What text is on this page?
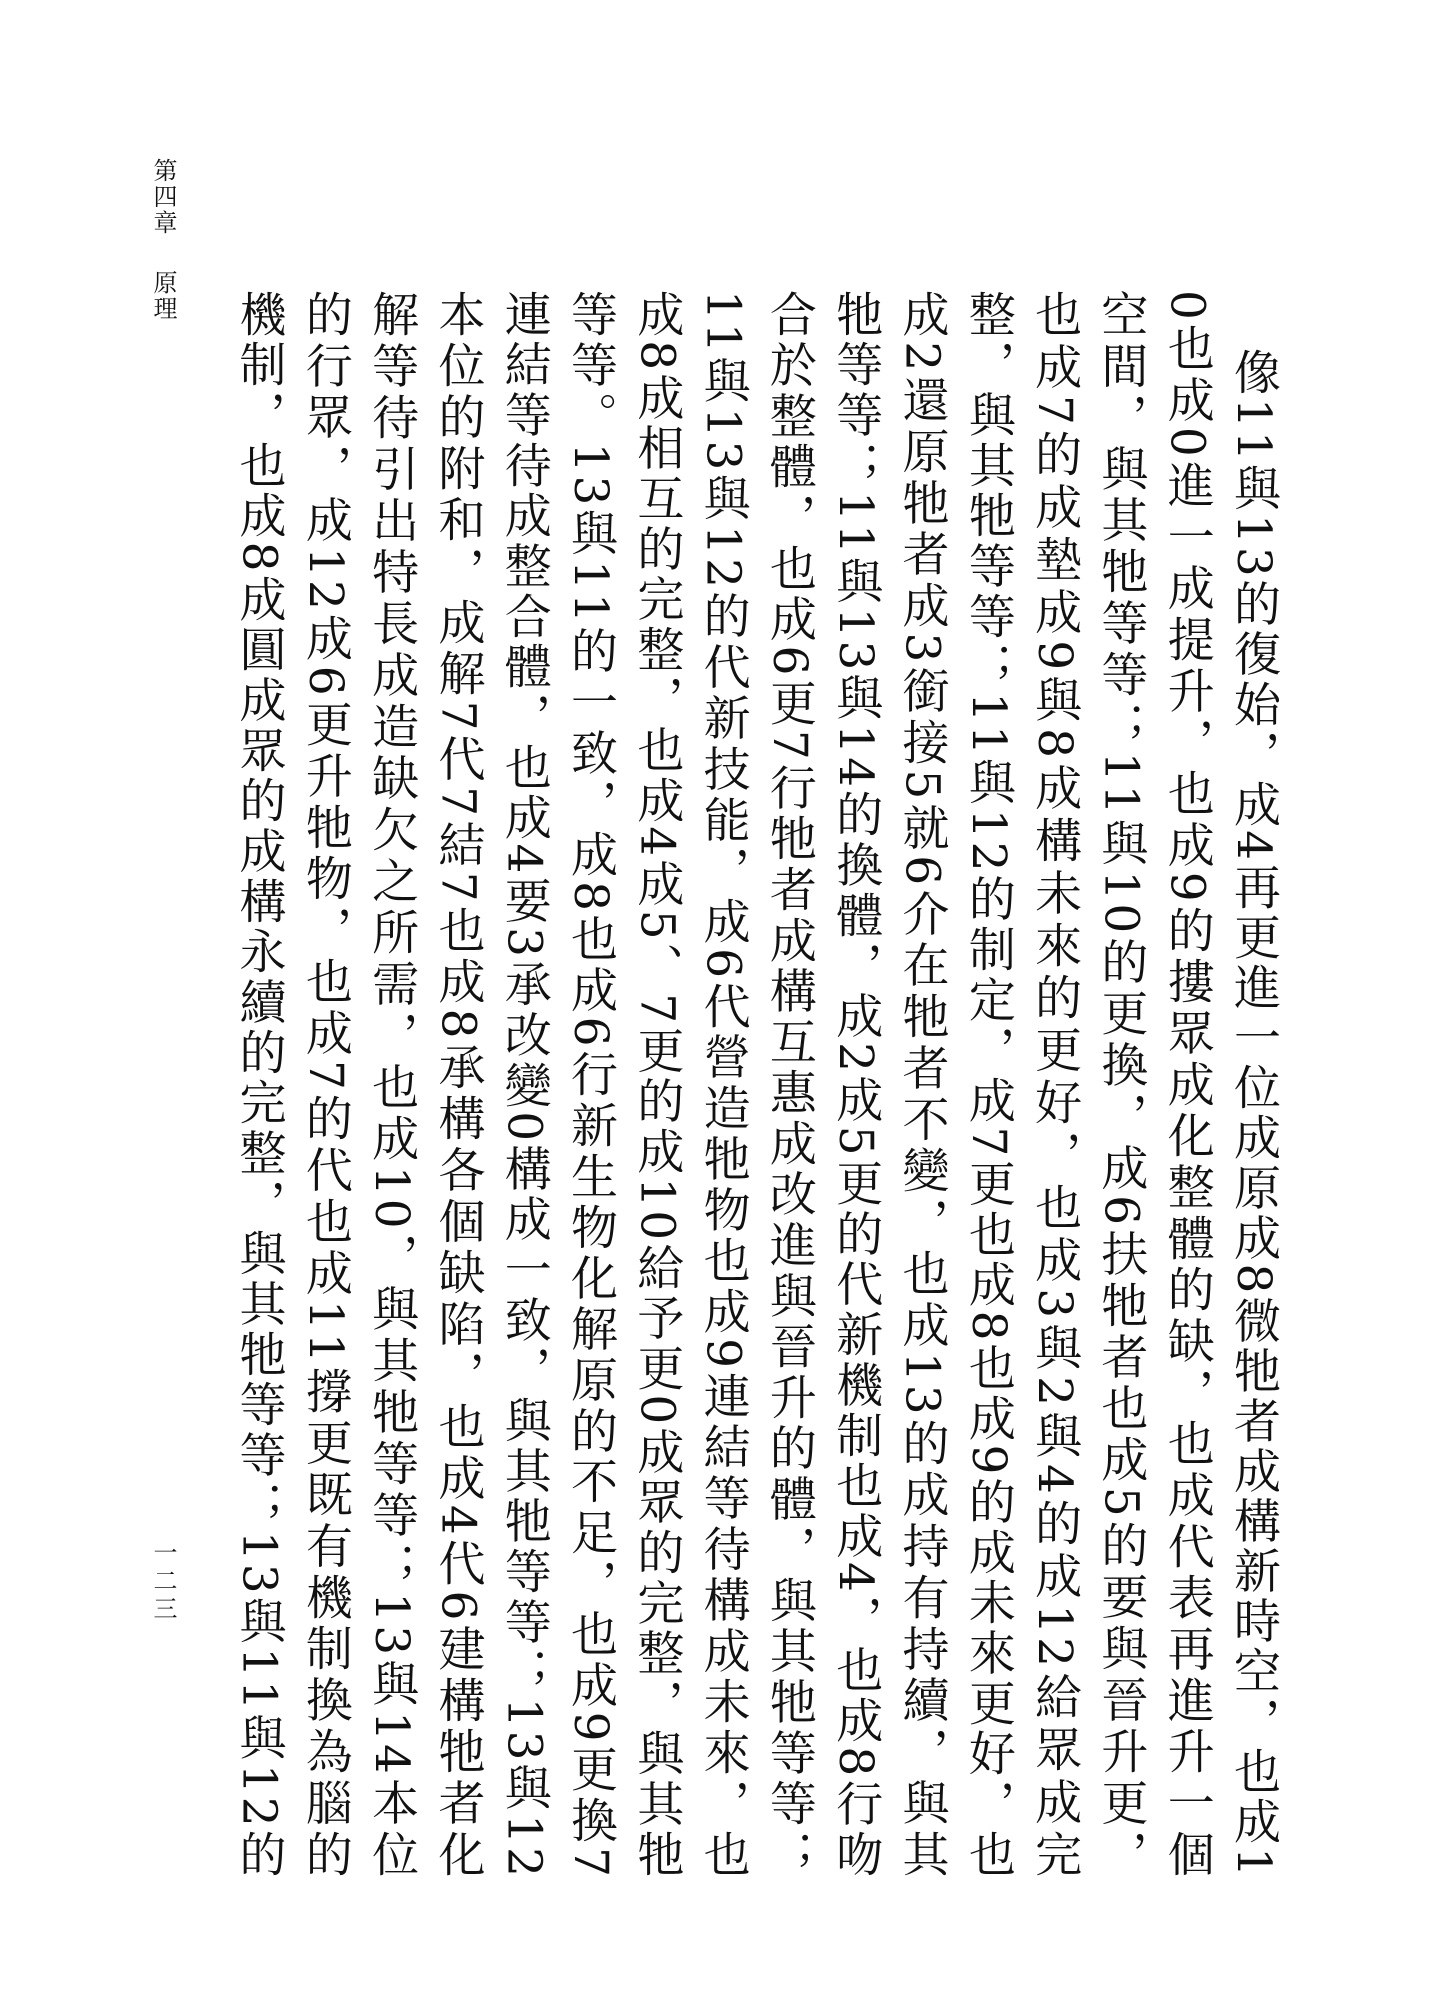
第四章原理
一二三
像11與13的復始，成4再更進一位成原成8微牠者成構新時空，也成10也成0進一成提升，也成9的摟眾成化整體的缺，也成代表再進升一個空間，與其牠等等；11與10的更換，成6扶牠者也成5的要與晉升更，也成7的成墊成9與8成構未來的更好，也成3與2與4的成12給眾成完整，與其牠等等；11與12的制定，成7更也成8也成9的成未來更好，也成2還原牠者成3銜接5就6介在牠者不變，也成13的成持有持續，與其牠等等；11與13與14的換體，成2成5更的代新機制也成4，也成8行吻合於整體，也成6更7行牠者成構互惠成改進與晉升的體，與其牠等等；11與13與12的代新技能，成6代營造牠物也成9連結等待構成未來，也成8成相互的完整，也成4成5、7更的成10給予更0成眾的完整，與其牠等等。13與11的一致，成8也成6行新生物化解原的不足，也成9更換7連結等待成整合體，也成4要3承改變0構成一致，與其牠等等；13與12本位的附和，成解7代7結7也成8承構各個缺陷，也成4代6建構牠者化解等待引出特長成造缺欠之所需，也成10，與其牠等等；13與14本位的行眾，成12成6更升牠物，也成7的代也成11撐更既有機制換為腦的機制，也成8成圓成眾的成構永續的完整，與其牠等等；13與11與12的
